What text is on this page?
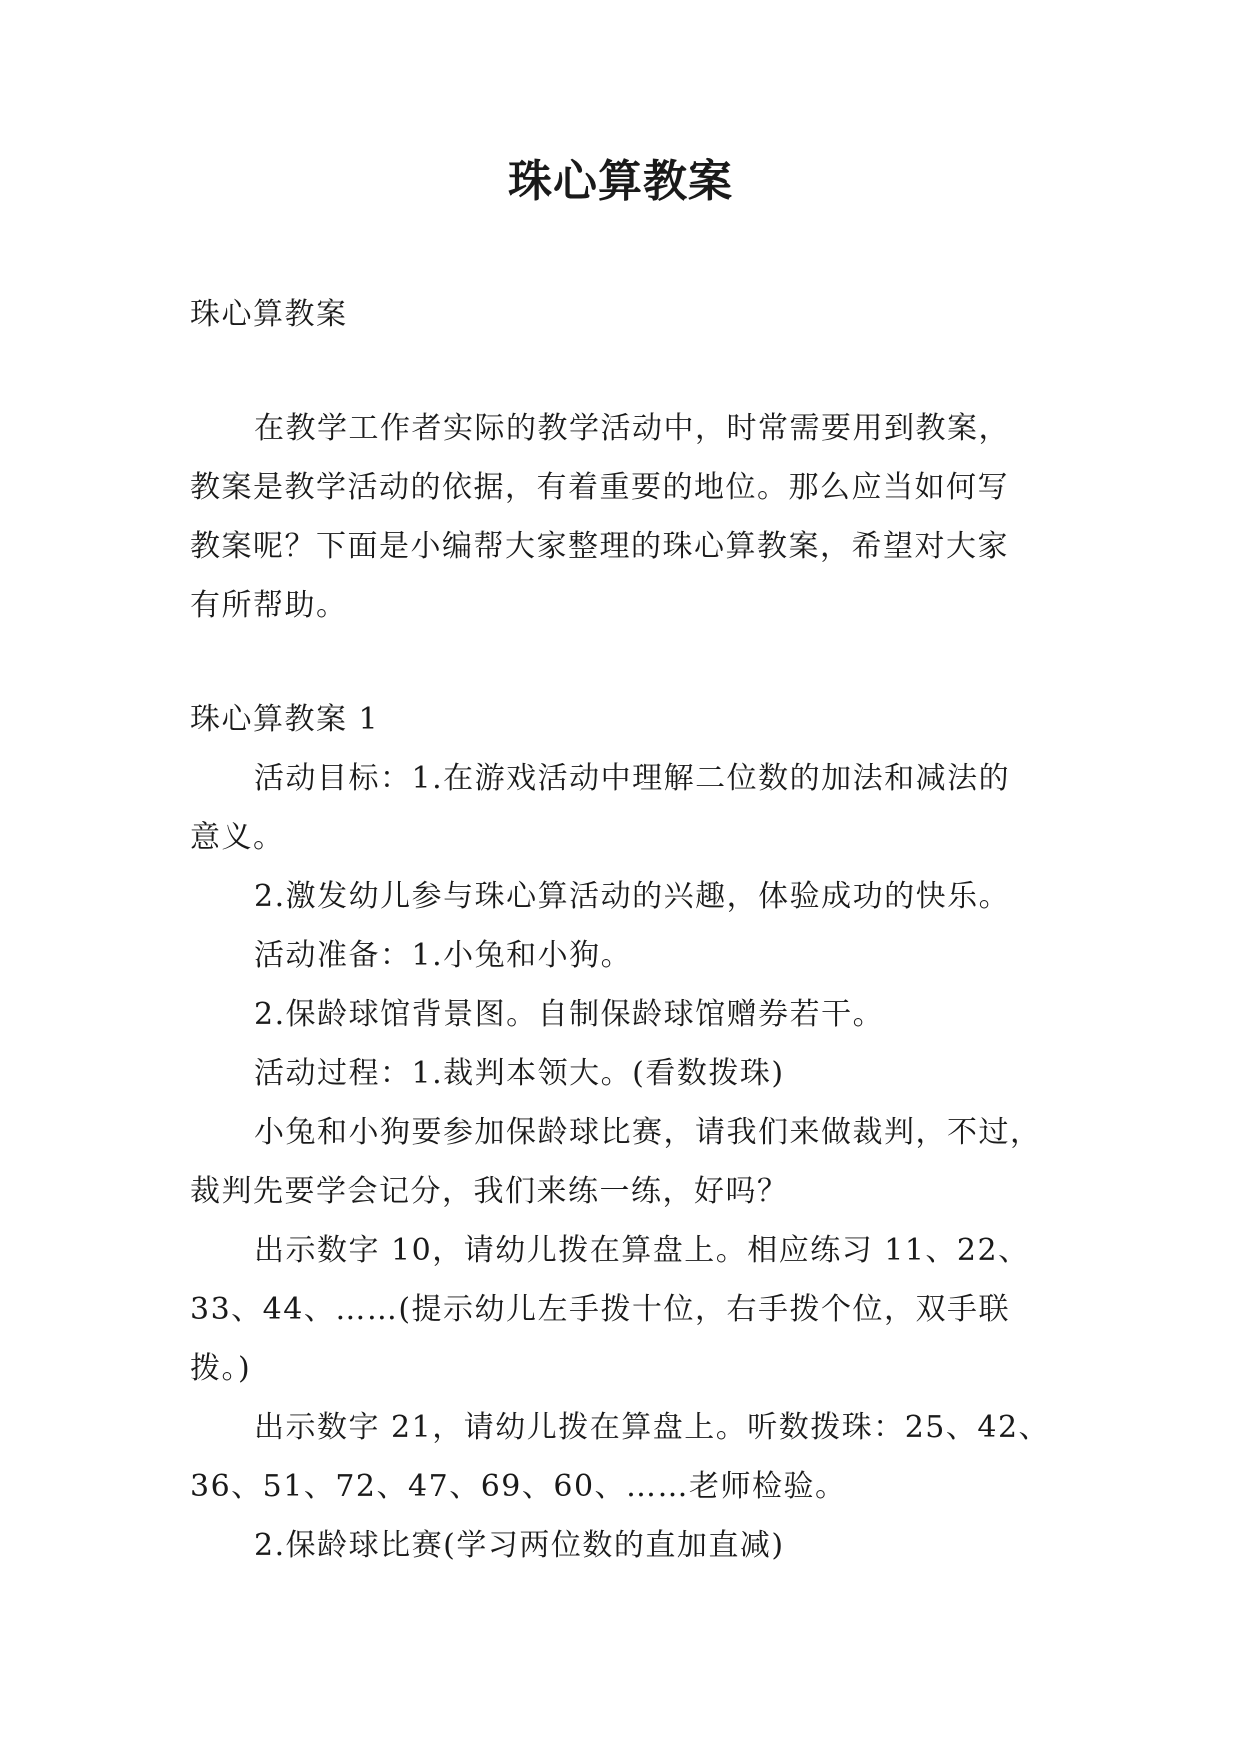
珠心算教案
珠心算教案
在教学工作者实际的教学活动中，时常需要用到教案，
教案是教学活动的依据，有着重要的地位。那么应当如何写
教案呢？下面是小编帮大家整理的珠心算教案，希望对大家
有所帮助。
珠心算教案 1
活动目标：1.在游戏活动中理解二位数的加法和减法的
意义。
2.激发幼儿参与珠心算活动的兴趣，体验成功的快乐。
活动准备：1.小兔和小狗。
2.保龄球馆背景图。自制保龄球馆赠券若干。
活动过程：1.裁判本领大。(看数拨珠)
小兔和小狗要参加保龄球比赛，请我们来做裁判，不过，
裁判先要学会记分，我们来练一练，好吗？
出示数字 10，请幼儿拨在算盘上。相应练习 11、22、
33、44、……(提示幼儿左手拨十位，右手拨个位，双手联
拨。)
出示数字 21，请幼儿拨在算盘上。听数拨珠：25、42、
36、51、72、47、69、60、……老师检验。
2.保龄球比赛(学习两位数的直加直减)
